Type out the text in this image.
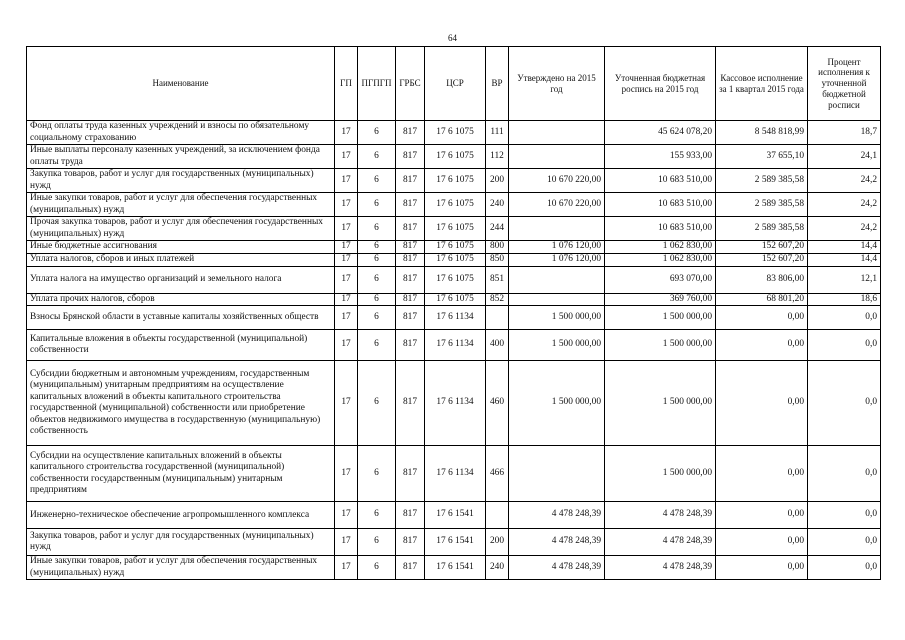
64
Наименование	ГП	ПГПГП	ГРБС	ЦСР	ВР	Утверждено на 2015 год	Уточненная бюджетная роспись на 2015 год	Кассовое исполнение за 1 квартал 2015 года	Процент исполнения к уточненной бюджетной росписи
Фонд оплаты труда казенных учреждений и взносы по обязательному социальному страхованию	17	6	817	17 6 1075	111		45 624 078,20	8 548 818,99	18,7
Иные выплаты персоналу казенных учреждений, за исключением фонда оплаты труда	17	6	817	17 6 1075	112		155 933,00	37 655,10	24,1
Закупка товаров, работ и услуг для государственных (муниципальных) нужд	17	6	817	17 6 1075	200	10 670 220,00	10 683 510,00	2 589 385,58	24,2
Иные закупки товаров, работ и услуг для обеспечения государственных (муниципальных) нужд	17	6	817	17 6 1075	240	10 670 220,00	10 683 510,00	2 589 385,58	24,2
Прочая закупка товаров, работ и услуг для обеспечения государственных (муниципальных) нужд	17	6	817	17 6 1075	244		10 683 510,00	2 589 385,58	24,2
Иные бюджетные ассигнования	17	6	817	17 6 1075	800	1 076 120,00	1 062 830,00	152 607,20	14,4
Уплата налогов, сборов и иных платежей	17	6	817	17 6 1075	850	1 076 120,00	1 062 830,00	152 607,20	14,4
Уплата налога на имущество организаций и земельного налога	17	6	817	17 6 1075	851		693 070,00	83 806,00	12,1
Уплата прочих налогов, сборов	17	6	817	17 6 1075	852		369 760,00	68 801,20	18,6
Взносы Брянской области в уставные капиталы хозяйственных обществ	17	6	817	17 6 1134		1 500 000,00	1 500 000,00	0,00	0,0
Капитальные вложения в объекты государственной (муниципальной) собственности	17	6	817	17 6 1134	400	1 500 000,00	1 500 000,00	0,00	0,0
Субсидии бюджетным и автономным учреждениям, государственным (муниципальным) унитарным предприятиям на осуществление капитальных вложений в объекты капитального строительства государственной (муниципальной) собственности или приобретение объектов недвижимого имущества в государственную (муниципальную) собственность	17	6	817	17 6 1134	460	1 500 000,00	1 500 000,00	0,00	0,0
Субсидии на осуществление капитальных вложений в объекты капитального строительства государственной (муниципальной) собственности государственным (муниципальным) унитарным предприятиям	17	6	817	17 6 1134	466		1 500 000,00	0,00	0,0
Инженерно-техническое обеспечение агропромышленного комплекса	17	6	817	17 6 1541		4 478 248,39	4 478 248,39	0,00	0,0
Закупка товаров, работ и услуг для государственных (муниципальных) нужд	17	6	817	17 6 1541	200	4 478 248,39	4 478 248,39	0,00	0,0
Иные закупки товаров, работ и услуг для обеспечения государственных (муниципальных) нужд	17	6	817	17 6 1541	240	4 478 248,39	4 478 248,39	0,00	0,0
